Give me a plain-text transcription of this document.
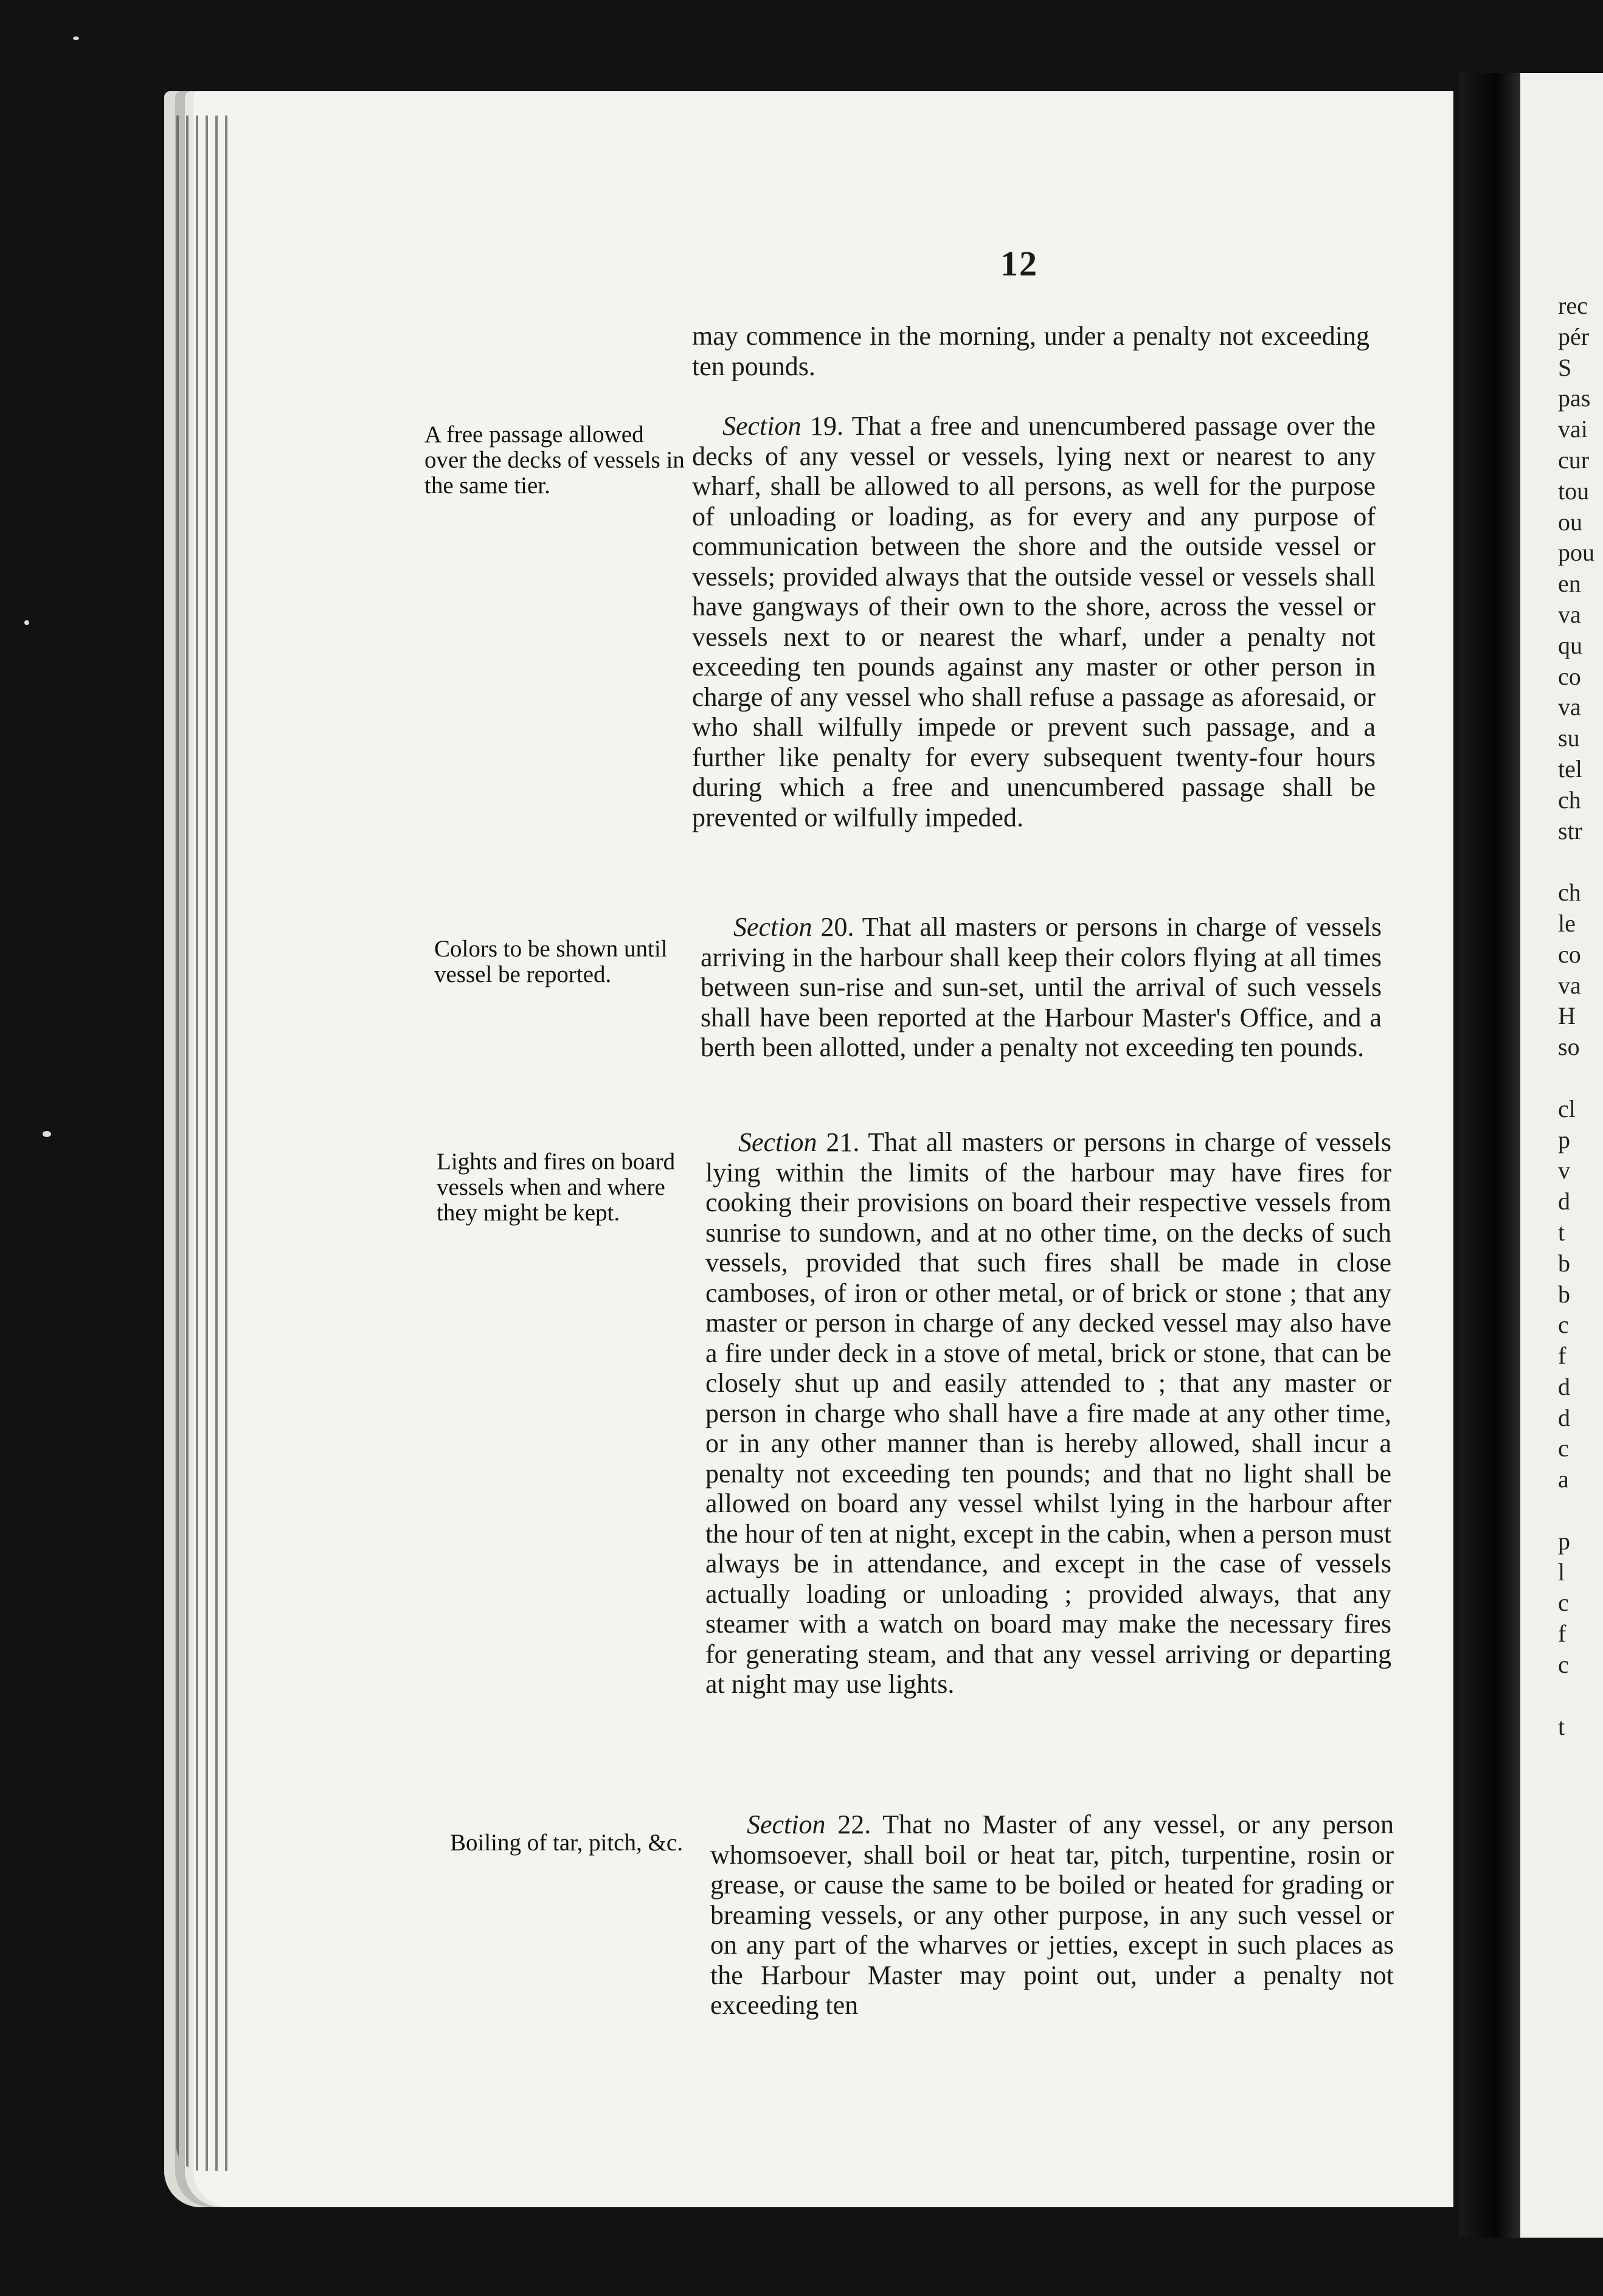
12

may commence in the morning, under a penalty not exceeding ten pounds.

A free passage allowed over the decks of vessels in the same tier.

Section 19. That a free and unencumbered passage over the decks of any vessel or vessels, lying next or nearest to any wharf, shall be allowed to all persons, as well for the purpose of unloading or loading, as for every and any purpose of communication between the shore and the outside vessel or vessels; provided always that the outside vessel or vessels shall have gangways of their own to the shore, across the vessel or vessels next to or nearest the wharf, under a penalty not exceeding ten pounds against any master or other person in charge of any vessel who shall refuse a passage as aforesaid, or who shall wilfully impede or prevent such passage, and a further like penalty for every subsequent twenty-four hours during which a free and unencumbered passage shall be prevented or wilfully impeded.

Colors to be shown until vessel be reported.

Section 20. That all masters or persons in charge of vessels arriving in the harbour shall keep their colors flying at all times between sun-rise and sun-set, until the arrival of such vessels shall have been reported at the Harbour Master's Office, and a berth been allotted, under a penalty not exceeding ten pounds.

Lights and fires on board vessels when and where they might be kept.

Section 21. That all masters or persons in charge of vessels lying within the limits of the harbour may have fires for cooking their provisions on board their respective vessels from sunrise to sundown, and at no other time, on the decks of such vessels, provided that such fires shall be made in close camboses, of iron or other metal, or of brick or stone ; that any master or person in charge of any decked vessel may also have a fire under deck in a stove of metal, brick or stone, that can be closely shut up and easily attended to ; that any master or person in charge who shall have a fire made at any other time, or in any other manner than is hereby allowed, shall incur a penalty not exceeding ten pounds; and that no light shall be allowed on board any vessel whilst lying in the harbour after the hour of ten at night, except in the cabin, when a person must always be in attendance, and except in the case of vessels actually loading or unloading ; provided always, that any steamer with a watch on board may make the necessary fires for generating steam, and that any vessel arriving or departing at night may use lights.

Boiling of tar, pitch, &c.

Section 22. That no Master of any vessel, or any person whomsoever, shall boil or heat tar, pitch, turpentine, rosin or grease, or cause the same to be boiled or heated for grading or breaming vessels, or any other purpose, in any such vessel or on any part of the wharves or jetties, except in such places as the Harbour Master may point out, under a penalty not exceeding ten

rec
pér
S
pas
vai
cur
tou
ou
pou
en
va
qu
co
va
su
tel
ch
str
ch
le
co
va
H
so
cl
p
v
d
t
b
b
c
f
d
d
c
a
p
l
c
f
c
t
